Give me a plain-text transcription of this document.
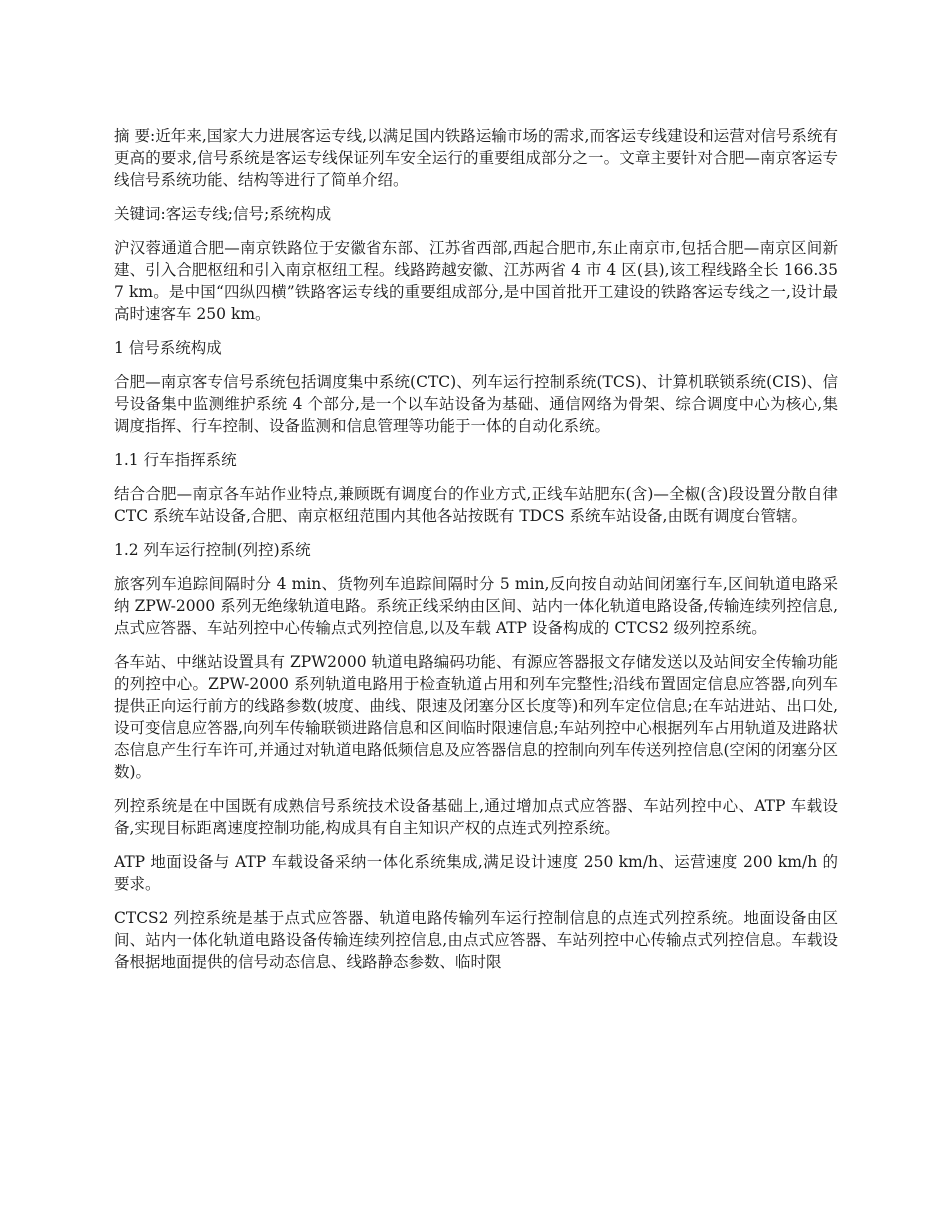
摘 要:近年来,国家大力进展客运专线,以满足国内铁路运输市场的需求,而客运专线建设和运营对信号系统有更高的要求,信号系统是客运专线保证列车安全运行的重要组成部分之一。文章主要针对合肥—南京客运专线信号系统功能、结构等进行了简单介绍。

关键词:客运专线;信号;系统构成

沪汉蓉通道合肥—南京铁路位于安徽省东部、江苏省西部,西起合肥市,东止南京市,包括合肥—南京区间新建、引入合肥枢纽和引入南京枢纽工程。线路跨越安徽、江苏两省 4 市 4 区(县),该工程线路全长 166.357 km。是中国“四纵四横”铁路客运专线的重要组成部分,是中国首批开工建设的铁路客运专线之一,设计最高时速客车 250 km。

1 信号系统构成

合肥—南京客专信号系统包括调度集中系统(CTC)、列车运行控制系统(TCS)、计算机联锁系统(CIS)、信号设备集中监测维护系统 4 个部分,是一个以车站设备为基础、通信网络为骨架、综合调度中心为核心,集调度指挥、行车控制、设备监测和信息管理等功能于一体的自动化系统。

1.1 行车指挥系统

结合合肥—南京各车站作业特点,兼顾既有调度台的作业方式,正线车站肥东(含)—全椒(含)段设置分散自律 CTC 系统车站设备,合肥、南京枢纽范围内其他各站按既有 TDCS 系统车站设备,由既有调度台管辖。

1.2 列车运行控制(列控)系统

旅客列车追踪间隔时分 4 min、货物列车追踪间隔时分 5 min,反向按自动站间闭塞行车,区间轨道电路采纳 ZPW-2000 系列无绝缘轨道电路。系统正线采纳由区间、站内一体化轨道电路设备,传输连续列控信息,点式应答器、车站列控中心传输点式列控信息,以及车载 ATP 设备构成的 CTCS2 级列控系统。

各车站、中继站设置具有 ZPW2000 轨道电路编码功能、有源应答器报文存储发送以及站间安全传输功能的列控中心。ZPW-2000 系列轨道电路用于检查轨道占用和列车完整性;沿线布置固定信息应答器,向列车提供正向运行前方的线路参数(坡度、曲线、限速及闭塞分区长度等)和列车定位信息;在车站进站、出口处,设可变信息应答器,向列车传输联锁进路信息和区间临时限速信息;车站列控中心根据列车占用轨道及进路状态信息产生行车许可,并通过对轨道电路低频信息及应答器信息的控制向列车传送列控信息(空闲的闭塞分区数)。

列控系统是在中国既有成熟信号系统技术设备基础上,通过增加点式应答器、车站列控中心、ATP 车载设备,实现目标距离速度控制功能,构成具有自主知识产权的点连式列控系统。

ATP 地面设备与 ATP 车载设备采纳一体化系统集成,满足设计速度 250 km/h、运营速度 200 km/h 的要求。

CTCS2 列控系统是基于点式应答器、轨道电路传输列车运行控制信息的点连式列控系统。地面设备由区间、站内一体化轨道电路设备传输连续列控信息,由点式应答器、车站列控中心传输点式列控信息。车载设备根据地面提供的信号动态信息、线路静态参数、临时限
